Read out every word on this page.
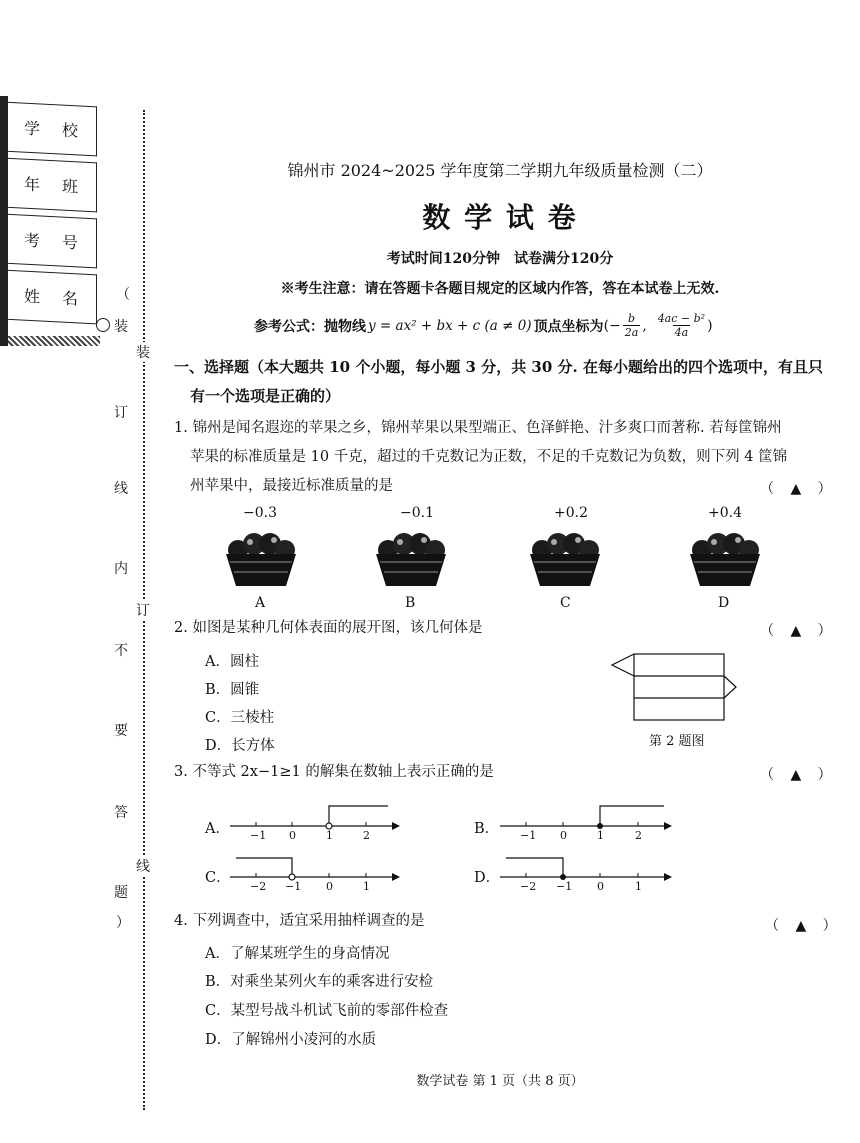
学 校
年 班
考 号
姓 名	（
装
订
线
内
不
要
答
题
）
装
订
线
锦州市 2024~2025 学年度第二学期九年级质量检测（二）
数 学 试 卷
考试时间120分钟　试卷满分120分
※考生注意：请在答题卡各题目规定的区域内作答，答在本试卷上无效.
参考公式：抛物线 y = ax² + bx + c (a ≠ 0) 顶点坐标为 (− $\frac{b}{2a}$ , 4ac − b²
4a )
一、选择题（本大题共 10 个小题，每小题 3 分，共 30 分. 在每小题给出的四个选项中，有且只
有一个选项是正确的）
1. 锦州是闻名遐迩的苹果之乡，锦州苹果以果型端正、色泽鲜艳、汁多爽口而著称. 若每筐锦州
苹果的标准质量是 10 千克，超过的千克数记为正数，不足的千克数记为负数，则下列 4 筐锦
州苹果中，最接近标准质量的是	（ ▲ ）
−0.3
A
−0.1
B
+0.2
C
+0.4
D
2. 如图是某种几何体表面的展开图，该几何体是	（ ▲ ）
A．圆柱
B．圆锥
C．三棱柱
D．长方体	第 2 题图
3. 不等式 2x−1≥1 的解集在数轴上表示正确的是	（ ▲ ）
A． −1 0	1	2	B． −1 0	1	2
C．
−2 −1 0	1
D．
−2 −1 0	1
4. 下列调查中，适宜采用抽样调查的是	（ ▲ ）
A．了解某班学生的身高情况
B．对乘坐某列火车的乘客进行安检
C．某型号战斗机试飞前的零部件检查
D．了解锦州小凌河的水质
数学试卷 第 1 页（共 8 页）
